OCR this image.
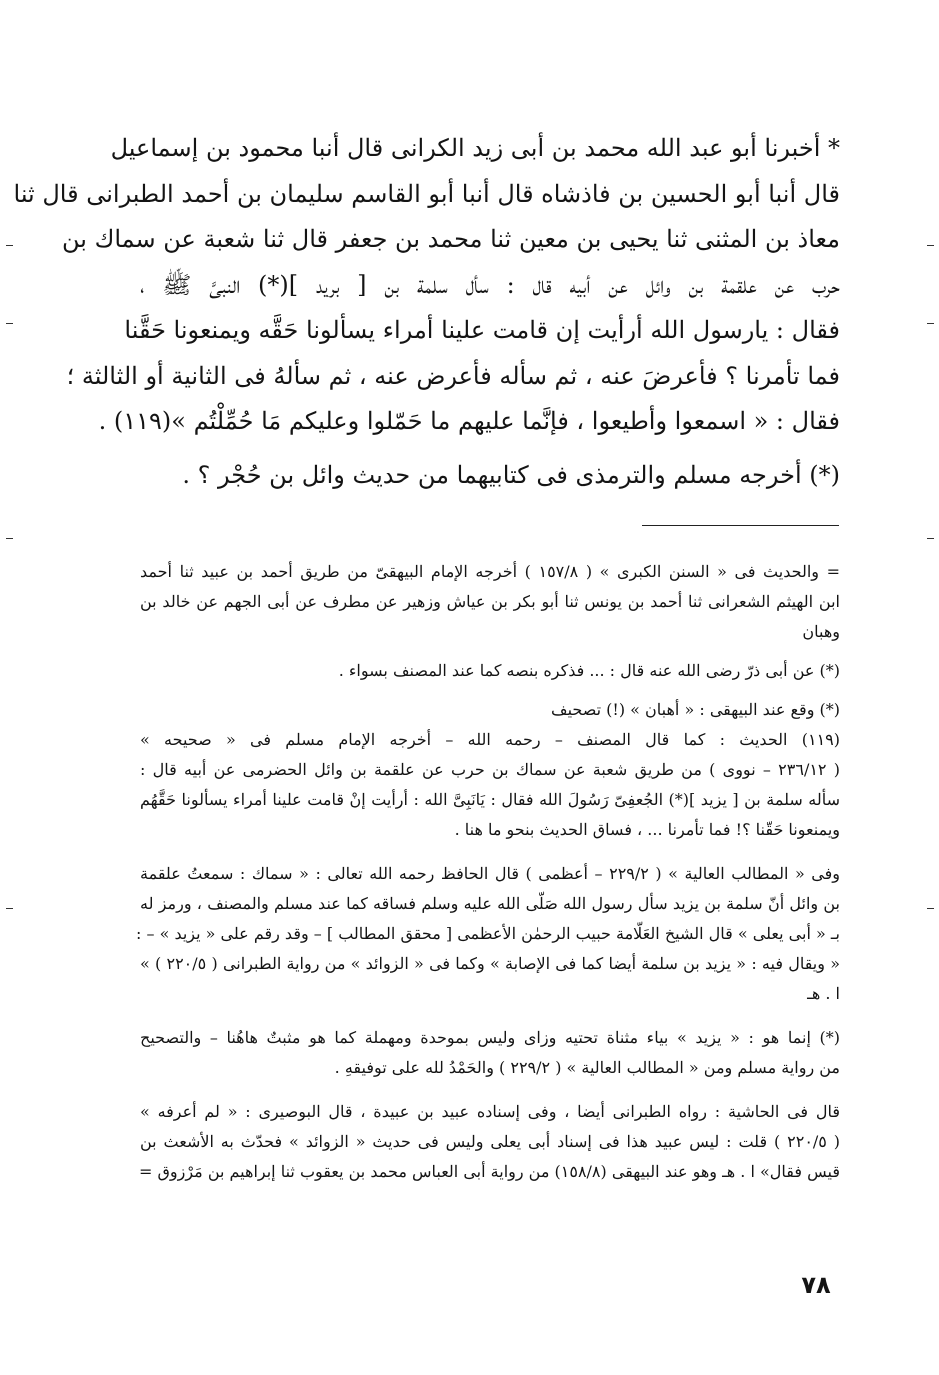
* أخبرنا أبو عبد الله محمد بن أبى زيد الكرانى قال أنبا محمود بن إسماعيل
قال أنبا أبو الحسين بن فاذشاه قال أنبا أبو القاسم سليمان بن أحمد الطبرانى قال ثنا
معاذ بن المثنى ثنا يحيى بن معين ثنا محمد بن جعفر قال ثنا شعبة عن سماك بن
حرب عن علقمة بن وائل عن أبيه قال : سأل سلمة بن [ بريد ](*) النبىَّ ﷺ ،
فقال : يارسول الله أرأيت إن قامت علينا أمراء يسألونا حَقَّه ويمنعونا حَقَّنا
فما تأمرنا ؟ فأعرضَ عنه ، ثم سأله فأعرض عنه ، ثم سألهُ فى الثانية أو الثالثة ؛
فقال : « اسمعوا وأطيعوا ، فإنَّما عليهم ما حَمّلوا وعليكم مَا حُمِّلْتُم »(١١٩) .
(*) أخرجه مسلم والترمذى فى كتابيهما من حديث وائل بن حُجْر ؟ .
= والحديث فى « السنن الكبرى » ( ١٥٧/٨ ) أخرجه الإمام البيهقىّ من طريق أحمد بن عبيد ثنا أحمد
ابن الهيثم الشعرانى ثنا أحمد بن يونس ثنا أبو بكر بن عياش وزهير عن مطرف عن أبى الجهم عن خالد بن
وهبان
(*) عن أبى ذرّ رضى الله عنه قال : ... فذكره بنصه كما عند المصنف بسواء .
(*) وقع عند البيهقى : « أهبان » (!) تصحيف
(١١٩) الحديث : كما قال المصنف – رحمه الله – أخرجه الإمام مسلم فى « صحيحه »
( ٢٣٦/١٢ – نووى ) من طريق شعبة عن سماك بن حرب عن علقمة بن وائل الحضرمى عن أبيه قال :
سأله سلمة بن [ يزيد ](*) الجُعفِىّ رَسُولَ الله فقال : يَانَبِىَّ الله : أرأيت إنْ قامت علينا أمراء يسألونا حَقَّهُم
ويمنعونا حَقّنا ؟! فما تأمرنا ... ، فساق الحديث بنحو ما هنا .
وفى « المطالب العالية » ( ٢٢٩/٢ – أعظمى ) قال الحافظ رحمه الله تعالى : « سماك : سمعتُ علقمة
بن وائل أنّ سلمة بن يزيد سأل رسول الله صَلّى الله عليه وسلم فساقه كما عند مسلم والمصنف ، ورمز له
بـ « أبى يعلى » قال الشيخ العَلّامة حبيب الرحمٰن الأعظمى [ محقق المطالب ] – وقد رقم على « يزيد » – :
« ويقال فيه : « يزيد بن سلمة أيضا كما فى الإصابة » وكما فى « الزوائد » من رواية الطبرانى ( ٢٢٠/٥ ) »
ا . هـ
(*) إنما هو : « يزيد » بياء مثناة تحتيه وزاى وليس بموحدة ومهملة كما هو مثبتٌ هاهُنا – والتصحيح
من رواية مسلم ومن « المطالب العالية » ( ٢٢٩/٢ ) والحَمْدُ لله على توفيقهِ .
قال فى الحاشية : رواه الطبرانى أيضا ، وفى إسناده عبيد بن عبيدة ، قال البوصيرى : « لم أعرفه »
( ٢٢٠/٥ ) قلت : ليس عبيد هذا فى إسناد أبى يعلى وليس فى حديث « الزوائد » فحدّث به الأشعث بن
قيس فقال» ا . هـ وهو عند البيهقى (١٥٨/٨) من رواية أبى العباس محمد بن يعقوب ثنا إبراهيم بن مَرْزوق =
٧٨
